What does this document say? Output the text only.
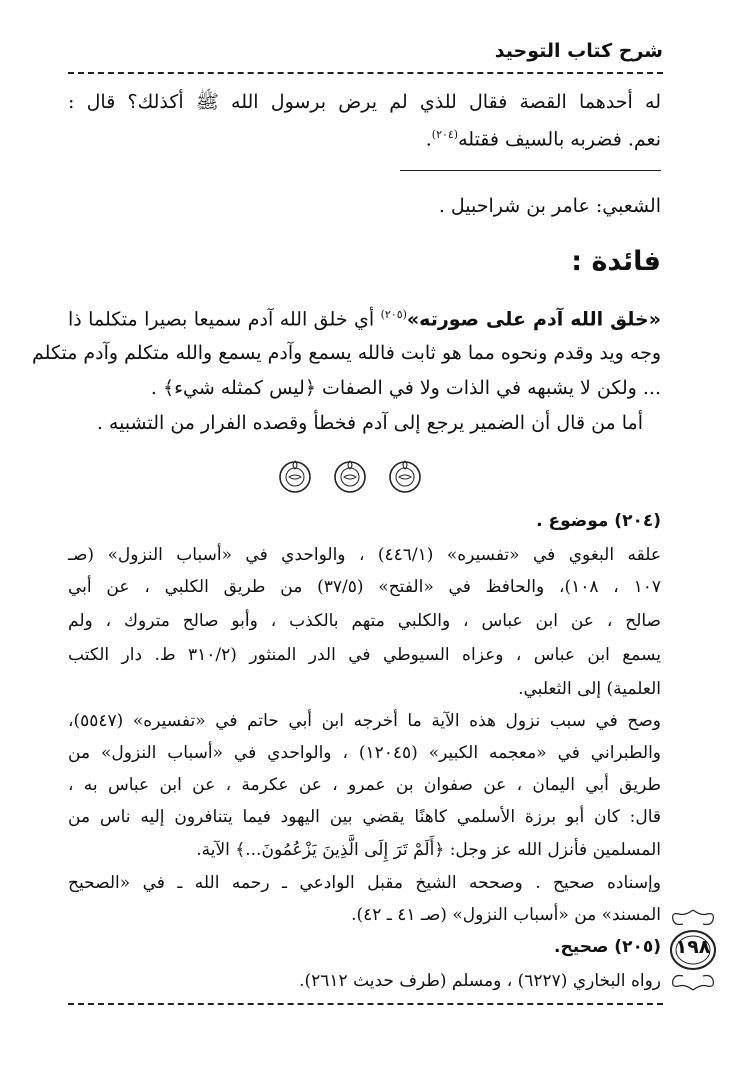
شرح كتاب التوحيد
له أحدهما القصة فقال للذي لم يرض برسول الله ﷺ أكذلك؟ قال :
نعم. فضربه بالسيف فقتله$^{(٢٠٤)}$.
الشعبي: عامر بن شراحبيل .
فائدة :
«خلق الله آدم على صورته»$^{(٢٠٥)}$ أي خلق الله آدم سميعا بصيرا متكلما ذا
وجه ويد وقدم ونحوه مما هو ثابت فالله يسمع وآدم يسمع والله متكلم وآدم متكلم
... ولكن لا يشبهه في الذات ولا في الصفات ﴿ليس كمثله شيء﴾ .
أما من قال أن الضمير يرجع إلى آدم فخطأ وقصده الفرار من التشبيه .
(٢٠٤) موضوع .
علقه البغوي في «تفسيره» (٤٤٦/١) ، والواحدي في «أسباب النزول» (صـ
١٠٧ ، ١٠٨)، والحافظ في «الفتح» (٣٧/٥) من طريق الكلبي ، عن أبي
صالح ، عن ابن عباس ، والكلبي متهم بالكذب ، وأبو صالح متروك ، ولم
يسمع ابن عباس ، وعزاه السيوطي في الدر المنثور (٣١٠/٢ ط. دار الكتب
العلمية) إلى الثعلبي.
وصح في سبب نزول هذه الآية ما أخرجه ابن أبي حاتم في «تفسيره» (٥٥٤٧)،
والطبراني في «معجمه الكبير» (١٢٠٤٥) ، والواحدي في «أسباب النزول» من
طريق أبي اليمان ، عن صفوان بن عمرو ، عن عكرمة ، عن ابن عباس به ،
قال: كان أبو برزة الأسلمي كاهنًا يقضي بين اليهود فيما يتنافرون إليه ناس من
المسلمين فأنزل الله عز وجل: ﴿أَلَمْ تَرَ إِلَى الَّذِينَ يَزْعُمُونَ...﴾ الآية.
وإسناده صحيح . وصححه الشيخ مقبل الوادعي ـ رحمه الله ـ في «الصحيح
المسند» من «أسباب النزول» (صـ ٤١ ـ ٤٢).
(٢٠٥) صحيح.
رواه البخاري (٦٢٢٧) ، ومسلم (طرف حديث ٢٦١٢).
١٩٨
